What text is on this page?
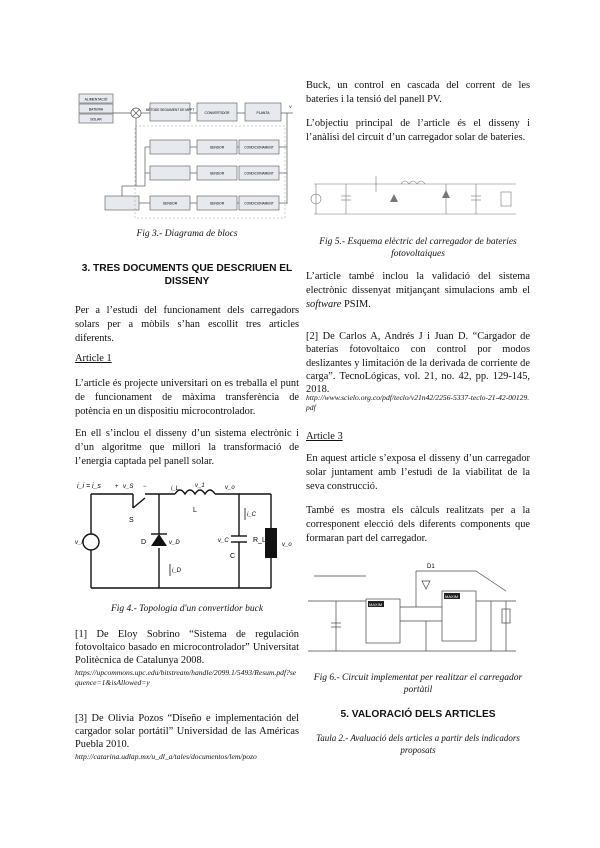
ALIMENTACIÓ
BATERIA
SOLAR
MÈTODE SEGUIMENT DE MPPT
CONVERTIDOR	PLANTA
V
SENSOR	CONDICIONAMENT
SENSOR	CONDICIONAMENT
SENSOR	SENSOR	CONDICIONAMENT
Fig 3.- Diagrama de blocs
3. TRES DOCUMENTS QUE DESCRIUEN EL DISSENY

Per a l’estudi del funcionament dels carregadors solars per a mòbils s’han escollit tres articles diferents.

Article 1

L’article és projecte universitari on es treballa el punt de funcionament de màxima transferència de potència en un dispositiu microcontrolador.

En ell s’inclou el disseny d’un sistema electrònic i d’un algoritme que millori la transformació de l’energia captada pel panell solar.

i_i = i_s	v_S
+	−	v_1	v_o
i_L
i_C
S
L
D	v_D
i_D
v_C
C
R_L
v_o
v_i
Fig 4.- Topologia d'un convertidor buck

[1] De Eloy Sobrino “Sistema de regulación fotovoltaico basado en microcontrolador” Universitat Politècnica de Catalunya 2008.

https://upcommons.upc.edu/bitstream/handle/2099.1/5493/Resum.pdf?sequence=1&isAllowed=y

[3] De Olivia Pozos “Diseño e implementación del cargador solar portátil” Universidad de las Américas Puebla 2010.

http://catarina.udlap.mx/u_dl_a/tales/documentos/lem/pozo

Buck, un control en cascada del corrent de les bateries i la tensió del panell PV.

L’objectiu principal de l’article és el disseny i l’anàlisi del circuit d’un carregador solar de bateries.

Fig 5.- Esquema elèctric del carregador de bateries fotovoltaiques

L’article també inclou la validació del sistema electrònic dissenyat mitjançant simulacions amb el software PSIM.

[2] De Carlos A, Andrés J i Juan D. “Cargador de baterías fotovoltaico con control por modos deslizantes y limitación de la derivada de corriente de carga”. TecnoLógicas, vol. 21, no. 42, pp. 129-145, 2018.

http://www.scielo.org.co/pdf/teclo/v21n42/2256-5337-teclo-21-42-00129.pdf

Article 3

En aquest article s’exposa el disseny d’un carregador solar juntament amb l’estudi de la viabilitat de la seva construcció.

També es mostra els càlculs realitzats per a la corresponent elecció dels diferents components que formaran part del carregador.

D1
MAXIM
MAXIM
Fig 6.- Circuit implementat per realitzar el carregador portàtil
5. VALORACIÓ DELS ARTICLES
Taula 2.- Avaluació dels articles a partir dels indicadors proposats
